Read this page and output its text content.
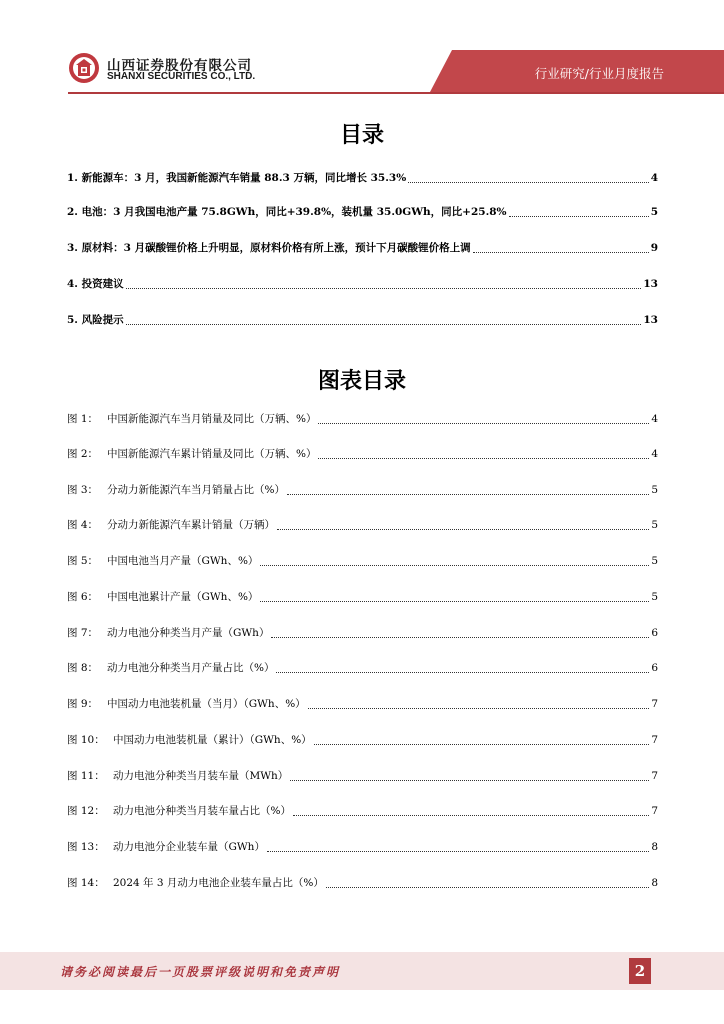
山西证券股份有限公司
SHANXI SECURITIES CO., LTD.	行业研究/行业月度报告
目录
1.
新能源车：3 月，我国新能源汽车销量 88.3 万辆，同比增长 35.3%	4
2.
电池：3 月我国电池产量 75.8GWh，同比+39.8%，装机量 35.0GWh，同比+25.8%	5
3.
原材料：3 月碳酸锂价格上升明显，原材料价格有所上涨，预计下月碳酸锂价格上调	9
4.
投资建议	13
5.
风险提示	13
图表目录
图 1： 中国新能源汽车当月销量及同比（万辆、%）	4
图 2： 中国新能源汽车累计销量及同比（万辆、%）	4
图 3： 分动力新能源汽车当月销量占比（%）	5
图 4： 分动力新能源汽车累计销量（万辆）	5
图 5： 中国电池当月产量（GWh、%）	5
图 6： 中国电池累计产量（GWh、%）	5
图 7： 动力电池分种类当月产量（GWh）	6
图 8： 动力电池分种类当月产量占比（%）	6
图 9： 中国动力电池装机量（当月）（GWh、%）	7
图 10： 中国动力电池装机量（累计）（GWh、%）	7
图 11： 动力电池分种类当月装车量（MWh）	7
图 12： 动力电池分种类当月装车量占比（%）	7
图 13： 动力电池分企业装车量（GWh）	8
图 14： 2024 年 3 月动力电池企业装车量占比（%）	8
请务必阅读最后一页股票评级说明和免责声明	2
